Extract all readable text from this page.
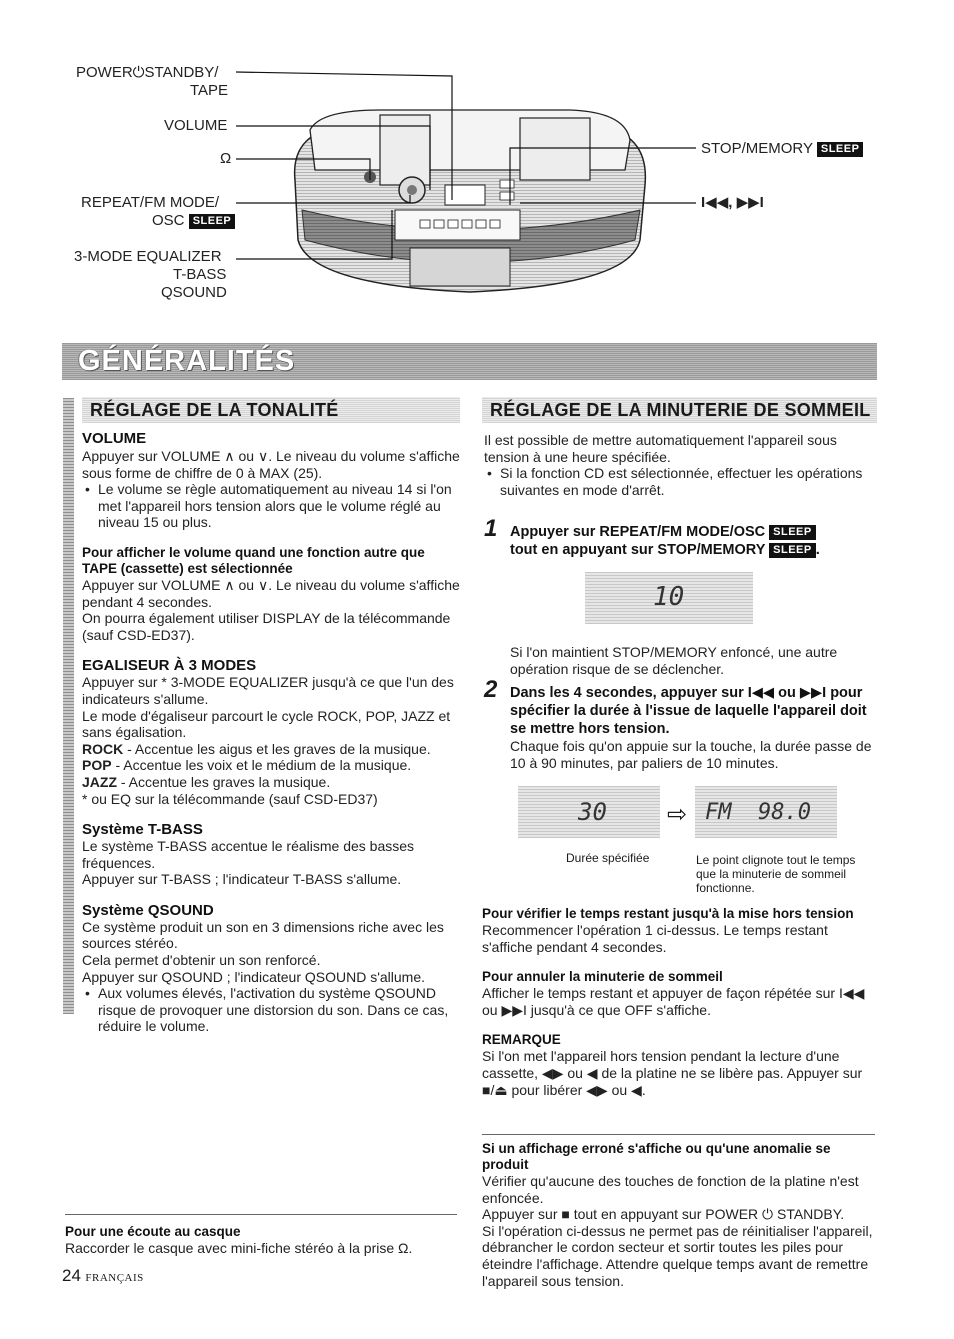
POWER⏻STANDBY/
TAPE
VOLUME
Ω
REPEAT/FM MODE/
OSC SLEEP
3-MODE EQUALIZER
T-BASS
QSOUND
STOP/MEMORY SLEEP
I◀◀, ▶▶I
GÉNÉRALITÉS
RÉGLAGE DE LA TONALITÉ
VOLUME

Appuyer sur VOLUME ∧ ou ∨. Le niveau du volume s'affiche sous forme de chiffre de 0 à MAX (25).

• Le volume se règle automatiquement au niveau 14 si l'on met l'appareil hors tension alors que le volume réglé au niveau 15 ou plus.

Pour afficher le volume quand une fonction autre que TAPE (cassette) est sélectionnée

Appuyer sur VOLUME ∧ ou ∨. Le niveau du volume s'affiche pendant 4 secondes.

On pourra également utiliser DISPLAY de la télécommande (sauf CSD-ED37).

EGALISEUR À 3 MODES

Appuyer sur * 3-MODE EQUALIZER jusqu'à ce que l'un des indicateurs s'allume.

Le mode d'égaliseur parcourt le cycle ROCK, POP, JAZZ et sans égalisation.

ROCK - Accentue les aigus et les graves de la musique.

POP - Accentue les voix et le médium de la musique.

JAZZ - Accentue les graves la musique.

* ou EQ sur la télécommande (sauf CSD-ED37)

Système T-BASS

Le système T-BASS accentue le réalisme des basses fréquences.

Appuyer sur T-BASS ; l'indicateur T-BASS s'allume.

Système QSOUND

Ce système produit un son en 3 dimensions riche avec les sources stéréo.

Cela permet d'obtenir un son renforcé.

Appuyer sur QSOUND ; l'indicateur QSOUND s'allume.

• Aux volumes élevés, l'activation du système QSOUND risque de provoquer une distorsion du son. Dans ce cas, réduire le volume.

Pour une écoute au casque

Raccorder le casque avec mini-fiche stéréo à la prise Ω.

24 FRANÇAIS
RÉGLAGE DE LA MINUTERIE DE SOMMEIL

Il est possible de mettre automatiquement l'appareil sous tension à une heure spécifiée.

• Si la fonction CD est sélectionnée, effectuer les opérations suivantes en mode d'arrêt.

1 Appuyer sur REPEAT/FM MODE/OSC SLEEP
tout en appuyant sur STOP/MEMORY SLEEP .
10

Si l'on maintient STOP/MEMORY enfoncé, une autre opération risque de se déclencher.

2 Dans les 4 secondes, appuyer sur I◀◀ ou ▶▶I pour spécifier la durée à l'issue de laquelle l'appareil doit se mettre hors tension.

Chaque fois qu'on appuie sur la touche, la durée passe de 10 à 90 minutes, par paliers de 10 minutes.

30	⇨ FM  98.0
Durée spécifiée	Le point clignote tout le temps que la minuterie de sommeil fonctionne.
Pour vérifier le temps restant jusqu'à la mise hors tension

Recommencer l'opération 1 ci-dessus. Le temps restant s'affiche pendant 4 secondes.

Pour annuler la minuterie de sommeil

Afficher le temps restant et appuyer de façon répétée sur I◀◀ ou ▶▶I jusqu'à ce que OFF s'affiche.

REMARQUE

Si l'on met l'appareil hors tension pendant la lecture d'une cassette, ◀▶ ou ◀ de la platine ne se libère pas. Appuyer sur ■/⏏ pour libérer ◀▶ ou ◀.

Si un affichage erroné s'affiche ou qu'une anomalie se produit

Vérifier qu'aucune des touches de fonction de la platine n'est enfoncée.

Appuyer sur ■ tout en appuyant sur POWER ⏻ STANDBY.

Si l'opération ci-dessus ne permet pas de réinitialiser l'appareil, débrancher le cordon secteur et sortir toutes les piles pour éteindre l'affichage. Attendre quelque temps avant de remettre l'appareil sous tension.
